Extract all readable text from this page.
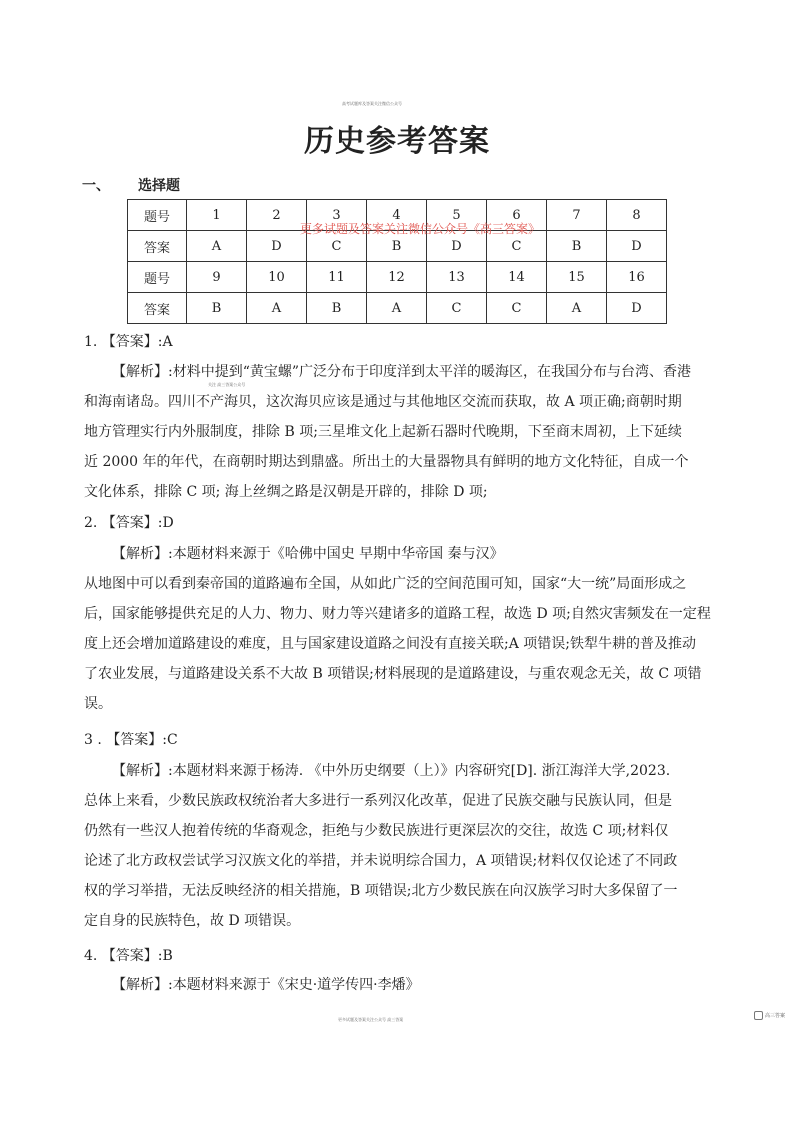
高考试题库及答案关注微信公众号
历史参考答案
一、 选择题
题号	1	2	3	4	5	6	7	8
答案	A	D	C	B	D	C	B	D
题号	9	10	11	12	13	14	15	16
答案	B	A	B	A	C	C	A	D
更多试题及答案关注微信公众号《高三答案》
关注 高三答案公众号
1. 【答案】:A
【解析】:材料中提到“黄宝螺”广泛分布于印度洋到太平洋的暖海区，在我国分布与台湾、香港
和海南诸岛。四川不产海贝，这次海贝应该是通过与其他地区交流而获取，故 A 项正确;商朝时期
地方管理实行内外服制度，排除 B 项;三星堆文化上起新石器时代晚期，下至商末周初，上下延续
近 2000 年的年代，在商朝时期达到鼎盛。所出土的大量器物具有鲜明的地方文化特征，自成一个
文化体系，排除 C 项; 海上丝绸之路是汉朝是开辟的，排除 D 项;
2. 【答案】:D
【解析】:本题材料来源于《哈佛中国史 早期中华帝国 秦与汉》
从地图中可以看到秦帝国的道路遍布全国，从如此广泛的空间范围可知，国家“大一统”局面形成之
后，国家能够提供充足的人力、物力、财力等兴建诸多的道路工程，故选 D 项;自然灾害频发在一定程
度上还会增加道路建设的难度，且与国家建设道路之间没有直接关联;A 项错误;铁犁牛耕的普及推动
了农业发展，与道路建设关系不大故 B 项错误;材料展现的是道路建设，与重农观念无关，故 C 项错
误。
3 . 【答案】:C
【解析】:本题材料来源于杨涛. 《中外历史纲要（上）》内容研究[D]. 浙江海洋大学,2023.
总体上来看，少数民族政权统治者大多进行一系列汉化改革，促进了民族交融与民族认同，但是
仍然有一些汉人抱着传统的华裔观念，拒绝与少数民族进行更深层次的交往，故选 C 项;材料仅
论述了北方政权尝试学习汉族文化的举措，并未说明综合国力，A 项错误;材料仅仅论述了不同政
权的学习举措，无法反映经济的相关措施，B 项错误;北方少数民族在向汉族学习时大多保留了一
定自身的民族特色，故 D 项错误。
4. 【答案】:B
【解析】:本题材料来源于《宋史·道学传四·李燔》
更多试题及答案关注公众号 高三答案
高三答案
